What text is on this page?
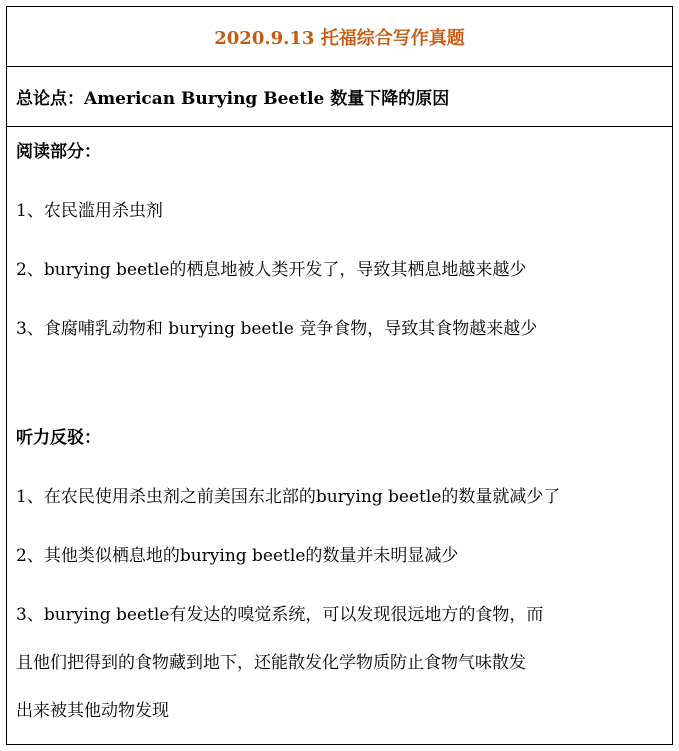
2020.9.13 托福综合写作真题
总论点：American Burying Beetle 数量下降的原因
阅读部分：
1、农民滥用杀虫剂
2、burying beetle的栖息地被人类开发了，导致其栖息地越来越少
3、食腐哺乳动物和 burying beetle 竞争食物，导致其食物越来越少
听力反驳：
1、在农民使用杀虫剂之前美国东北部的burying beetle的数量就减少了
2、其他类似栖息地的burying beetle的数量并未明显减少
3、burying beetle有发达的嗅觉系统，可以发现很远地方的食物，而
且他们把得到的食物藏到地下，还能散发化学物质防止食物气味散发
出来被其他动物发现
